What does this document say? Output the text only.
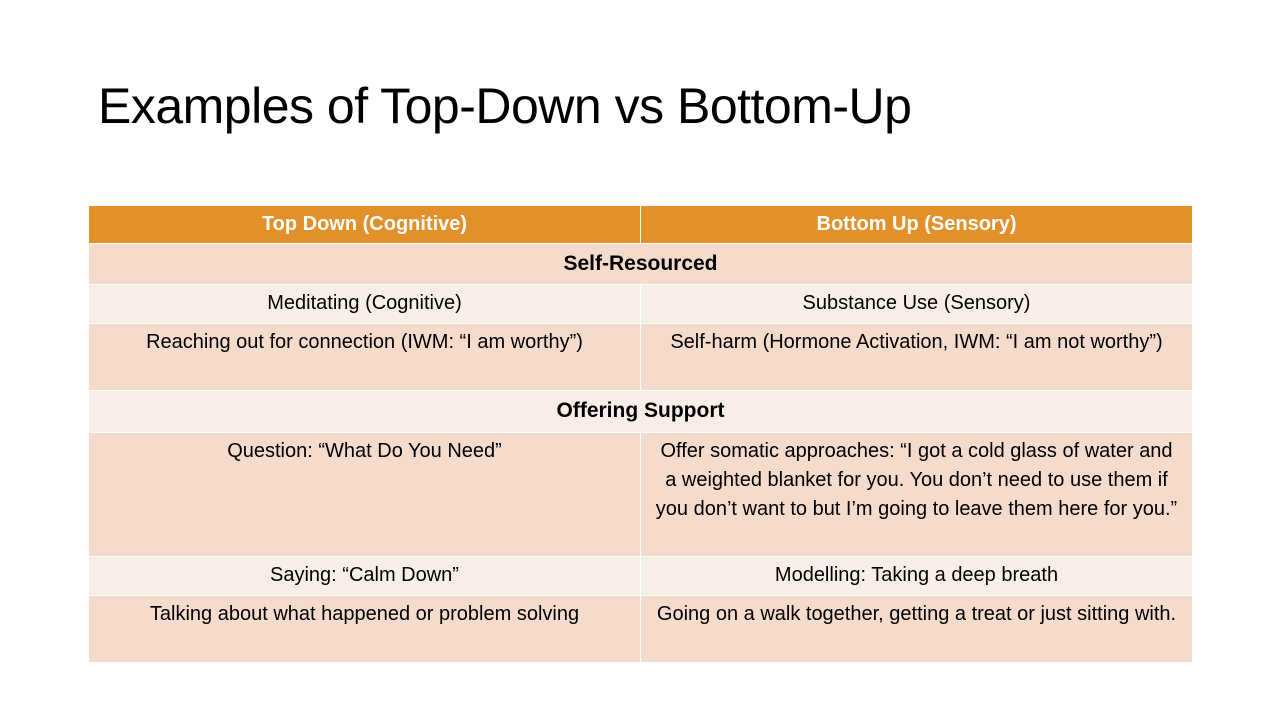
Examples of Top-Down vs Bottom-Up
Top Down (Cognitive)	Bottom Up (Sensory)
Self-Resourced	
Meditating (Cognitive)	Substance Use (Sensory)
Reaching out for connection (IWM: “I am worthy”)	Self-harm (Hormone Activation, IWM: “I am not worthy”)
Offering Support	
Question: “What Do You Need”	Offer somatic approaches: “I got a cold glass of water and a weighted blanket for you. You don’t need to use them if you don’t want to but I’m going to leave them here for you.”
Saying: “Calm Down”	Modelling: Taking a deep breath
Talking about what happened or problem solving	Going on a walk together, getting a treat or just sitting with.
